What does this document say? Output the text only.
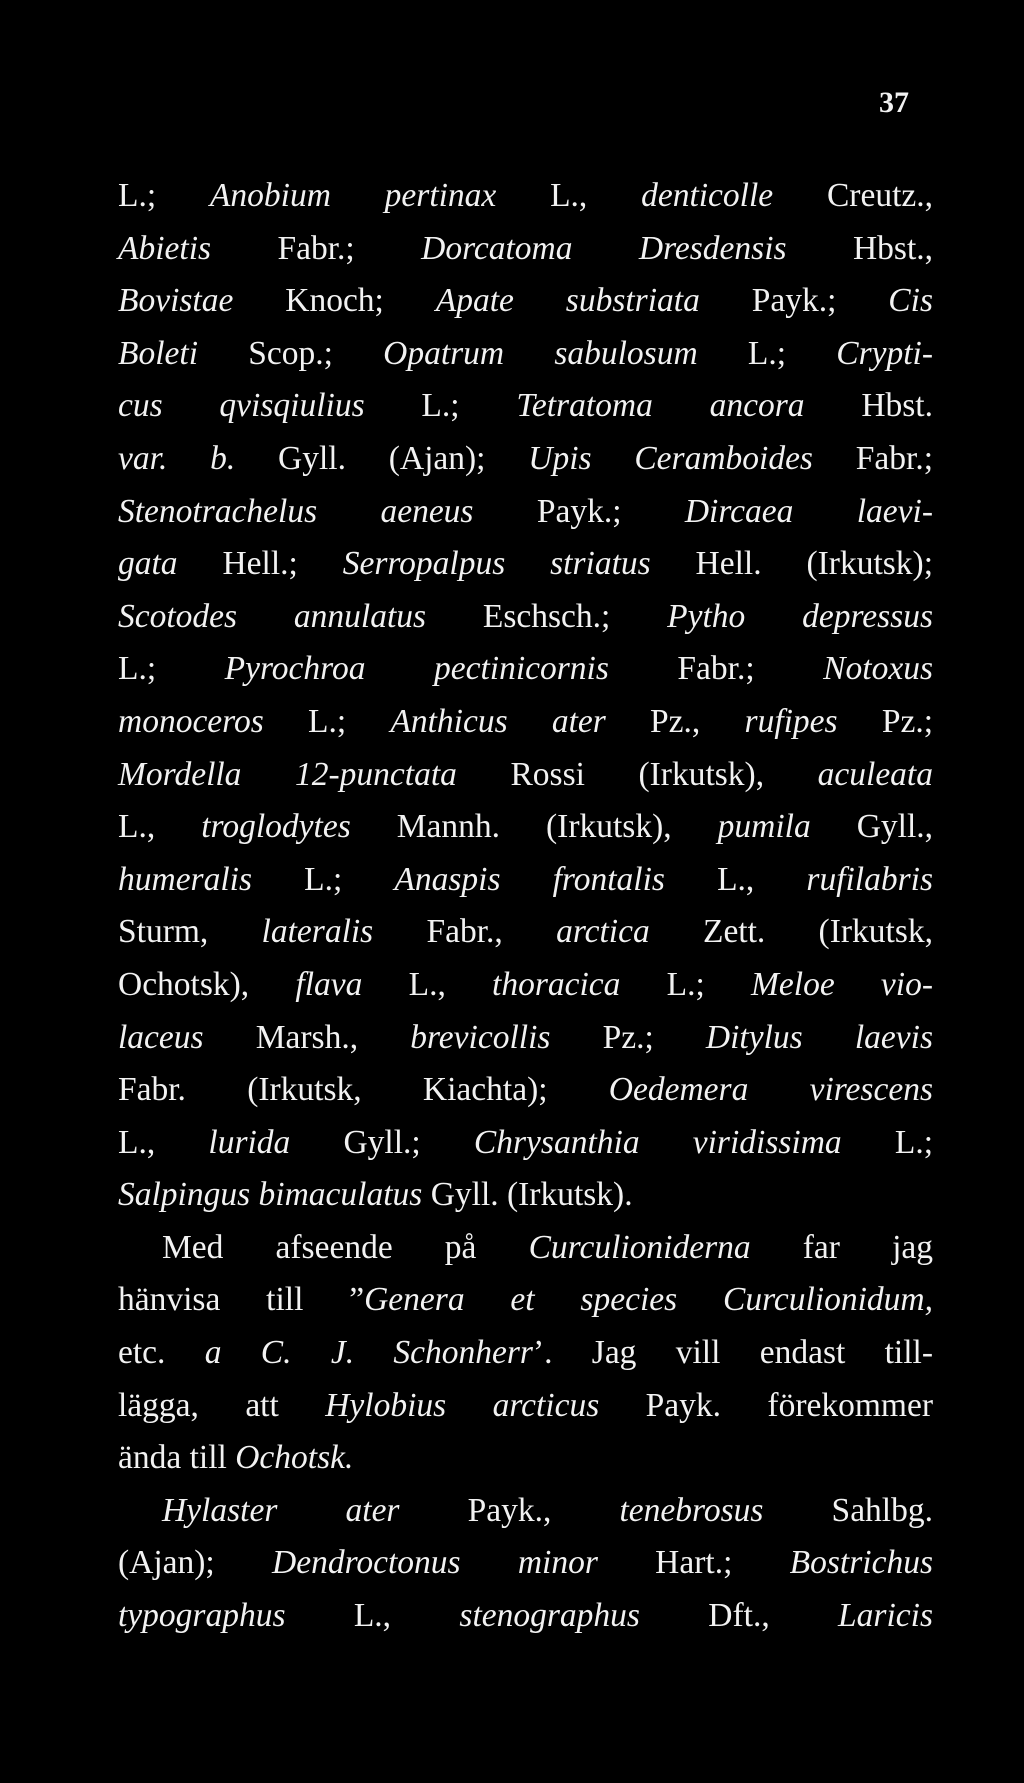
37
L.; Anobium pertinax L., denticolle Creutz.,
Abietis Fabr.; Dorcatoma Dresdensis Hbst.,
Bovistae Knoch; Apate substriata Payk.; Cis
Boleti Scop.; Opatrum sabulosum L.; Crypti-
cus qvisqiulius L.; Tetratoma ancora Hbst.
var. b. Gyll. (Ajan); Upis Ceramboides Fabr.;
Stenotrachelus aeneus Payk.; Dircaea laevi-
gata Hell.; Serropalpus striatus Hell. (Irkutsk);
Scotodes annulatus Eschsch.; Pytho depressus
L.; Pyrochroa pectinicornis Fabr.; Notoxus
monoceros L.; Anthicus ater Pz., rufipes Pz.;
Mordella 12-punctata Rossi (Irkutsk), aculeata
L., troglodytes Mannh. (Irkutsk), pumila Gyll.,
humeralis L.; Anaspis frontalis L., rufilabris
Sturm, lateralis Fabr., arctica Zett. (Irkutsk,
Ochotsk), flava L., thoracica L.; Meloe vio-
laceus Marsh., brevicollis Pz.; Ditylus laevis
Fabr. (Irkutsk, Kiachta); Oedemera virescens
L., lurida Gyll.; Chrysanthia viridissima L.;
Salpingus bimaculatus Gyll. (Irkutsk).
Med afseende på Curculioniderna far jag
hänvisa till ”Genera et species Curculionidum,
etc. a C. J. Schonherr’. Jag vill endast till-
lägga, att Hylobius arcticus Payk. förekommer
ända till Ochotsk.
Hylaster ater Payk., tenebrosus Sahlbg.
(Ajan); Dendroctonus minor Hart.; Bostrichus
typographus L., stenographus Dft., Laricis
